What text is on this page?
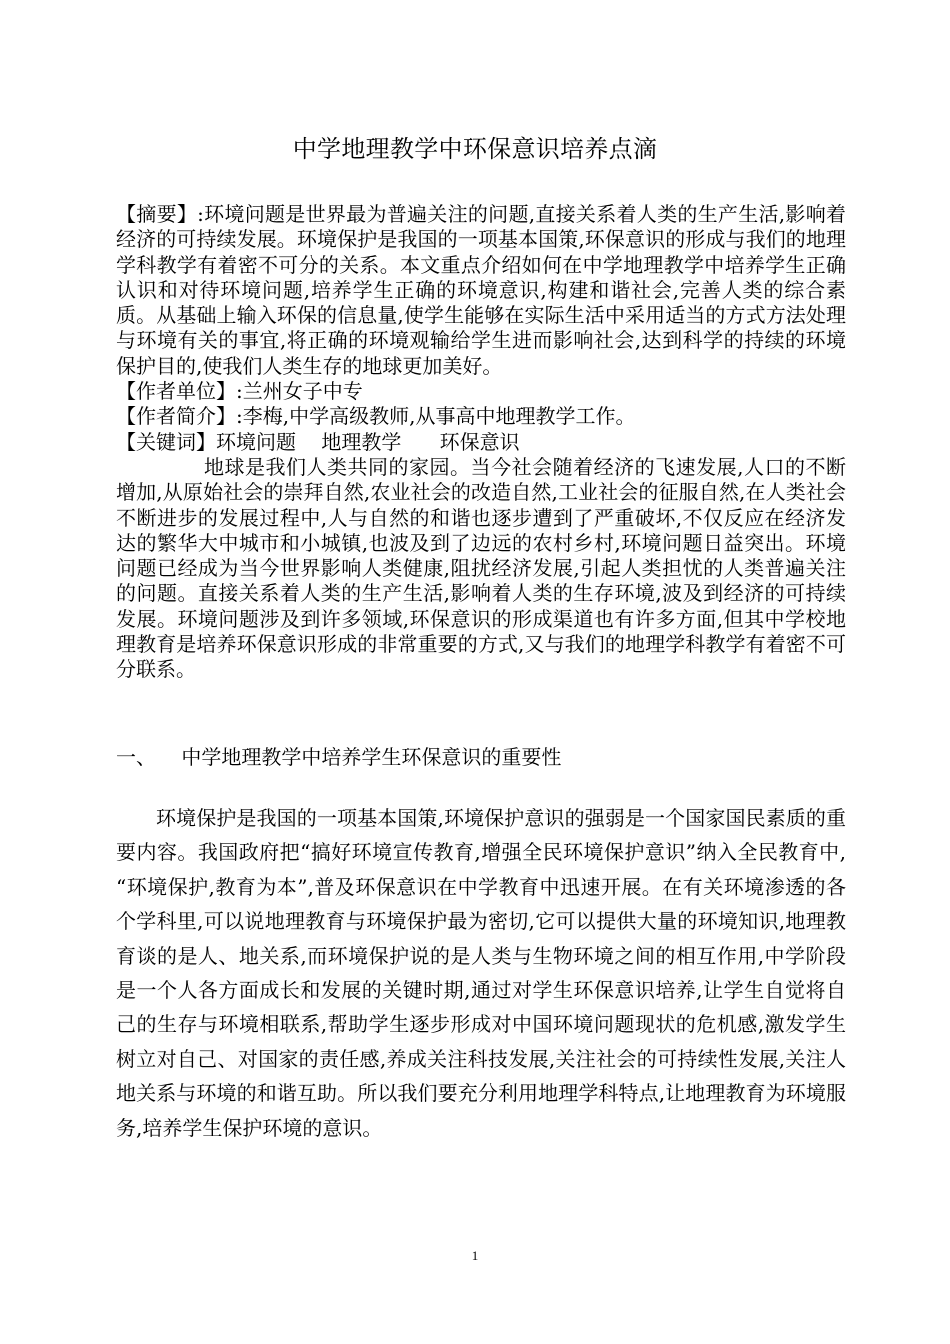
中学地理教学中环保意识培养点滴

【摘要】:环境问题是世界最为普遍关注的问题,直接关系着人类的生产生活,影响着经济的可持续发展。环境保护是我国的一项基本国策,环保意识的形成与我们的地理学科教学有着密不可分的关系。本文重点介绍如何在中学地理教学中培养学生正确认识和对待环境问题,培养学生正确的环境意识,构建和谐社会,完善人类的综合素质。从基础上输入环保的信息量,使学生能够在实际生活中采用适当的方式方法处理与环境有关的事宜,将正确的环境观输给学生进而影响社会,达到科学的持续的环境保护目的,使我们人类生存的地球更加美好。

【作者单位】:兰州女子中专

【作者简介】:李梅,中学高级教师,从事高中地理教学工作。

【关键词】环境问题    地理教学      环保意识

地球是我们人类共同的家园。当今社会随着经济的飞速发展,人口的不断增加,从原始社会的崇拜自然,农业社会的改造自然,工业社会的征服自然,在人类社会不断进步的发展过程中,人与自然的和谐也逐步遭到了严重破坏,不仅反应在经济发达的繁华大中城市和小城镇,也波及到了边远的农村乡村,环境问题日益突出。环境问题已经成为当今世界影响人类健康,阻扰经济发展,引起人类担忧的人类普遍关注的问题。直接关系着人类的生产生活,影响着人类的生存环境,波及到经济的可持续发展。环境问题涉及到许多领域,环保意识的形成渠道也有许多方面,但其中学校地理教育是培养环保意识形成的非常重要的方式,又与我们的地理学科教学有着密不可分联系。

一、    中学地理教学中培养学生环保意识的重要性

环境保护是我国的一项基本国策,环境保护意识的强弱是一个国家国民素质的重要内容。我国政府把“搞好环境宣传教育,增强全民环境保护意识”纳入全民教育中, “环境保护,教育为本”,普及环保意识在中学教育中迅速开展。在有关环境渗透的各个学科里,可以说地理教育与环境保护最为密切,它可以提供大量的环境知识,地理教育谈的是人、地关系,而环境保护说的是人类与生物环境之间的相互作用,中学阶段是一个人各方面成长和发展的关键时期,通过对学生环保意识培养,让学生自觉将自己的生存与环境相联系,帮助学生逐步形成对中国环境问题现状的危机感,激发学生树立对自己、对国家的责任感,养成关注科技发展,关注社会的可持续性发展,关注人地关系与环境的和谐互助。所以我们要充分利用地理学科特点,让地理教育为环境服务,培养学生保护环境的意识。

1
